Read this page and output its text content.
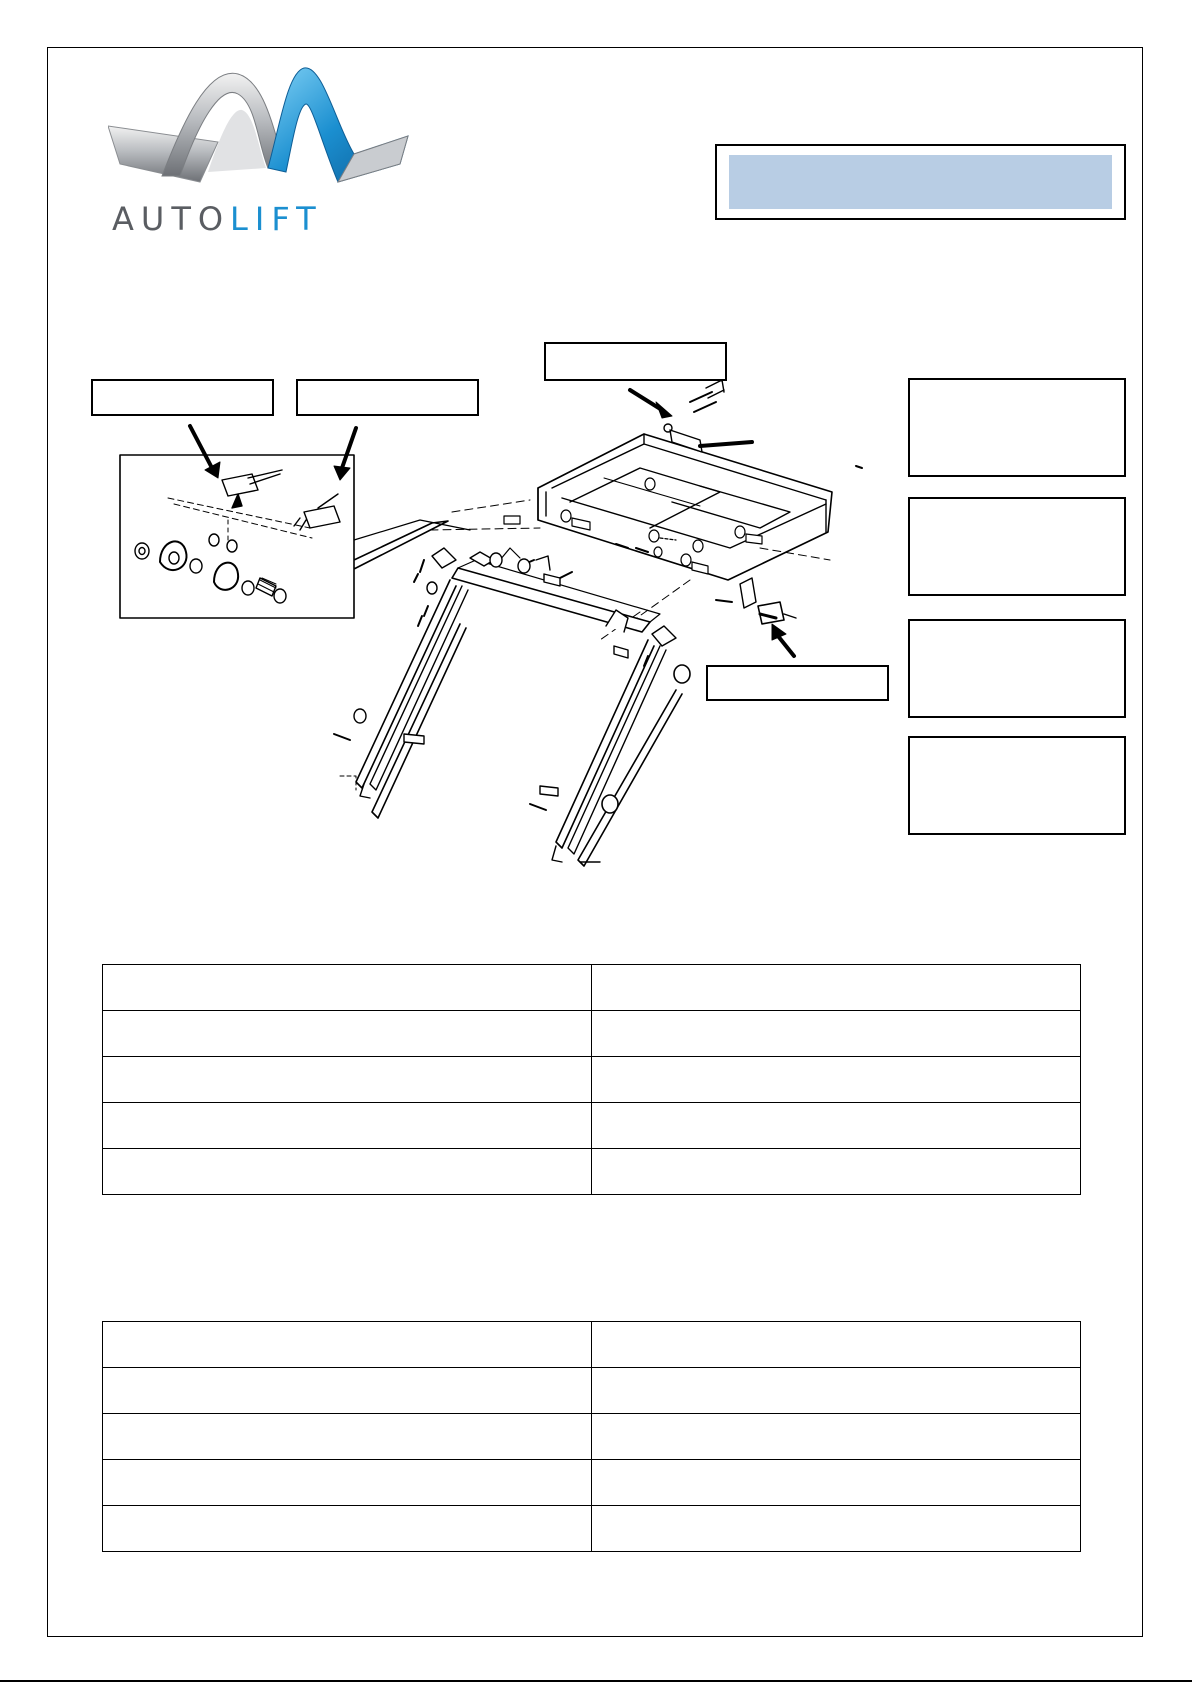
AUTOLIFT
